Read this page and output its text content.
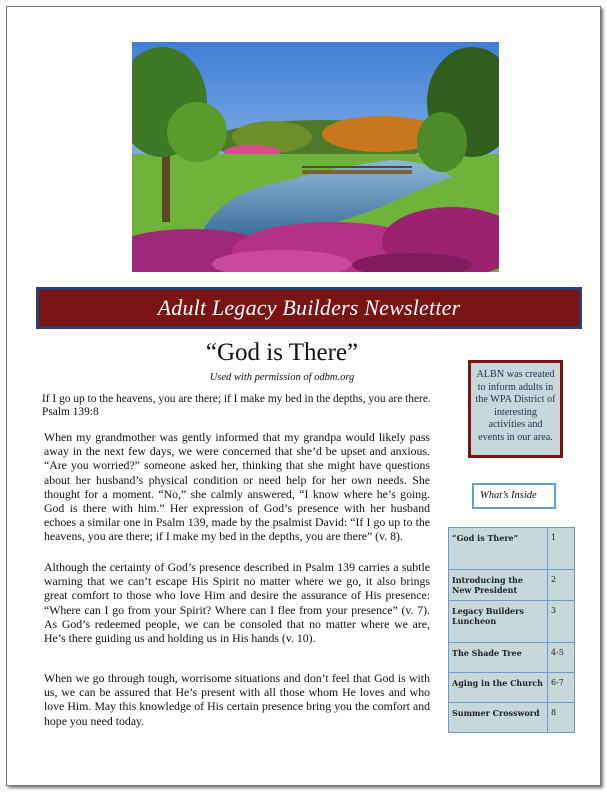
Adult Legacy Builders Newsletter
“God is There”
Used with permission of odbm.org
If I go up to the heavens, you are there; if I make my bed in the depths, you are there. Psalm 139:8
When my grandmother was gently informed that my grandpa would likely pass away in the next few days, we were concerned that she’d be upset and anxious. “Are you worried?” someone asked her, thinking that she might have questions about her husband’s physical condition or need help for her own needs. She thought for a moment. “No,” she calmly answered, “I know where he’s going. God is there with him.” Her expression of God’s presence with her husband echoes a similar one in Psalm 139, made by the psalmist David: “If I go up to the heavens, you are there; if I make my bed in the depths, you are there” (v. 8).
Although the certainty of God’s presence described in Psalm 139 carries a subtle warning that we can’t escape His Spirit no matter where we go, it also brings great comfort to those who love Him and desire the assurance of His presence: “Where can I go from your Spirit? Where can I flee from your presence” (v. 7). As God’s redeemed people, we can be consoled that no matter where we are, He’s there guiding us and holding us in His hands (v. 10).
When we go through tough, worrisome situations and don’t feel that God is with us, we can be assured that He’s present with all those whom He loves and who love Him. May this knowledge of His certain presence bring you the comfort and hope you need today.
ALBN was created to inform adults in the WPA District of interesting activities and events in our area.
What’s Inside
“God is There”	1
Introducing the New President	2
Legacy Builders Luncheon	3
The Shade Tree	4-5
Aging in the Church	6-7
Summer Crossword	8
